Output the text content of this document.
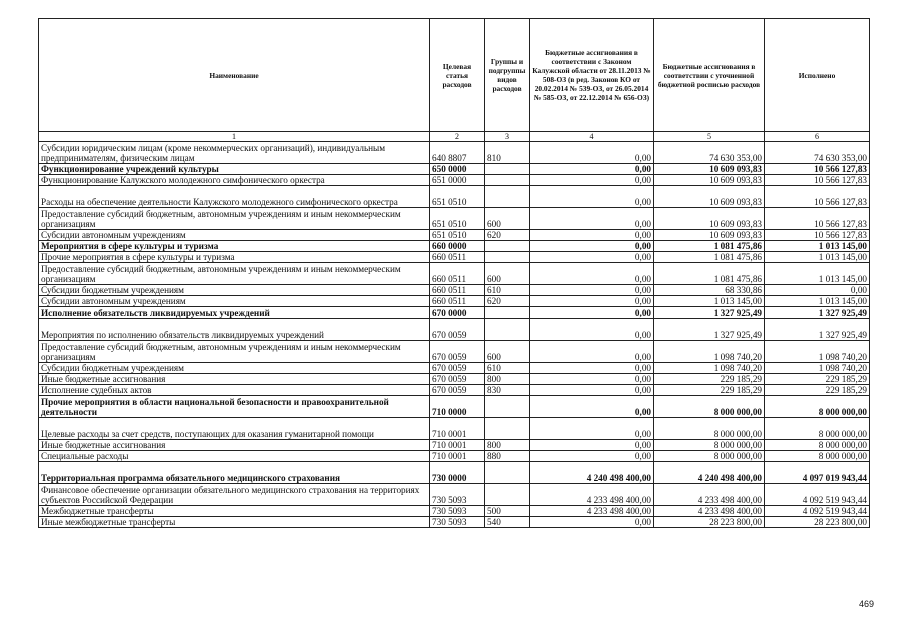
Наименование	Целевая статья расходов	Группы и подгруппы видов расходов	Бюджетные ассигнования в соответствии с Законом Калужской области от 28.11.2013 № 508-ОЗ (в ред. Законов КО от 20.02.2014 № 539-ОЗ, от 26.05.2014 № 585-ОЗ, от 22.12.2014 № 656-ОЗ)	Бюджетные ассигнования в соответствии с уточненной бюджетной росписью расходов	Исполнено
1	2	3	4	5	6
Субсидии юридическим лицам (кроме некоммерческих организаций), индивидуальным предпринимателям, физическим лицам	640 8807	810	0,00	74 630 353,00	74 630 353,00
Функционирование учреждений культуры	650 0000		0,00	10 609 093,83	10 566 127,83
Функционирование Калужского молодежного симфонического оркестра	651 0000		0,00	10 609 093,83	10 566 127,83
Расходы на обеспечение деятельности Калужского молодежного симфонического оркестра	651 0510		0,00	10 609 093,83	10 566 127,83
Предоставление субсидий бюджетным, автономным учреждениям и иным некоммерческим организациям	651 0510	600	0,00	10 609 093,83	10 566 127,83
Субсидии автономным учреждениям	651 0510	620	0,00	10 609 093,83	10 566 127,83
Мероприятия в сфере культуры и туризма	660 0000		0,00	1 081 475,86	1 013 145,00
Прочие мероприятия в сфере культуры и туризма	660 0511		0,00	1 081 475,86	1 013 145,00
Предоставление субсидий бюджетным, автономным учреждениям и иным некоммерческим организациям	660 0511	600	0,00	1 081 475,86	1 013 145,00
Субсидии бюджетным учреждениям	660 0511	610	0,00	68 330,86	0,00
Субсидии автономным учреждениям	660 0511	620	0,00	1 013 145,00	1 013 145,00
Исполнение обязательств ликвидируемых учреждений	670 0000		0,00	1 327 925,49	1 327 925,49
Мероприятия по исполнению обязательств ликвидируемых учреждений	670 0059		0,00	1 327 925,49	1 327 925,49
Предоставление субсидий бюджетным, автономным учреждениям и иным некоммерческим организациям	670 0059	600	0,00	1 098 740,20	1 098 740,20
Субсидии бюджетным учреждениям	670 0059	610	0,00	1 098 740,20	1 098 740,20
Иные бюджетные ассигнования	670 0059	800	0,00	229 185,29	229 185,29
Исполнение судебных актов	670 0059	830	0,00	229 185,29	229 185,29
Прочие мероприятия в области национальной безопасности и правоохранительной деятельности	710 0000		0,00	8 000 000,00	8 000 000,00
Целевые расходы за счет средств, поступающих для оказания гуманитарной помощи	710 0001		0,00	8 000 000,00	8 000 000,00
Иные бюджетные ассигнования	710 0001	800	0,00	8 000 000,00	8 000 000,00
Специальные расходы	710 0001	880	0,00	8 000 000,00	8 000 000,00
Территориальная программа обязательного медицинского страхования	730 0000		4 240 498 400,00	4 240 498 400,00	4 097 019 943,44
Финансовое обеспечение организации обязательного медицинского страхования на территориях субъектов Российской Федерации	730 5093		4 233 498 400,00	4 233 498 400,00	4 092 519 943,44
Межбюджетные трансферты	730 5093	500	4 233 498 400,00	4 233 498 400,00	4 092 519 943,44
Иные межбюджетные трансферты	730 5093	540	0,00	28 223 800,00	28 223 800,00
469
